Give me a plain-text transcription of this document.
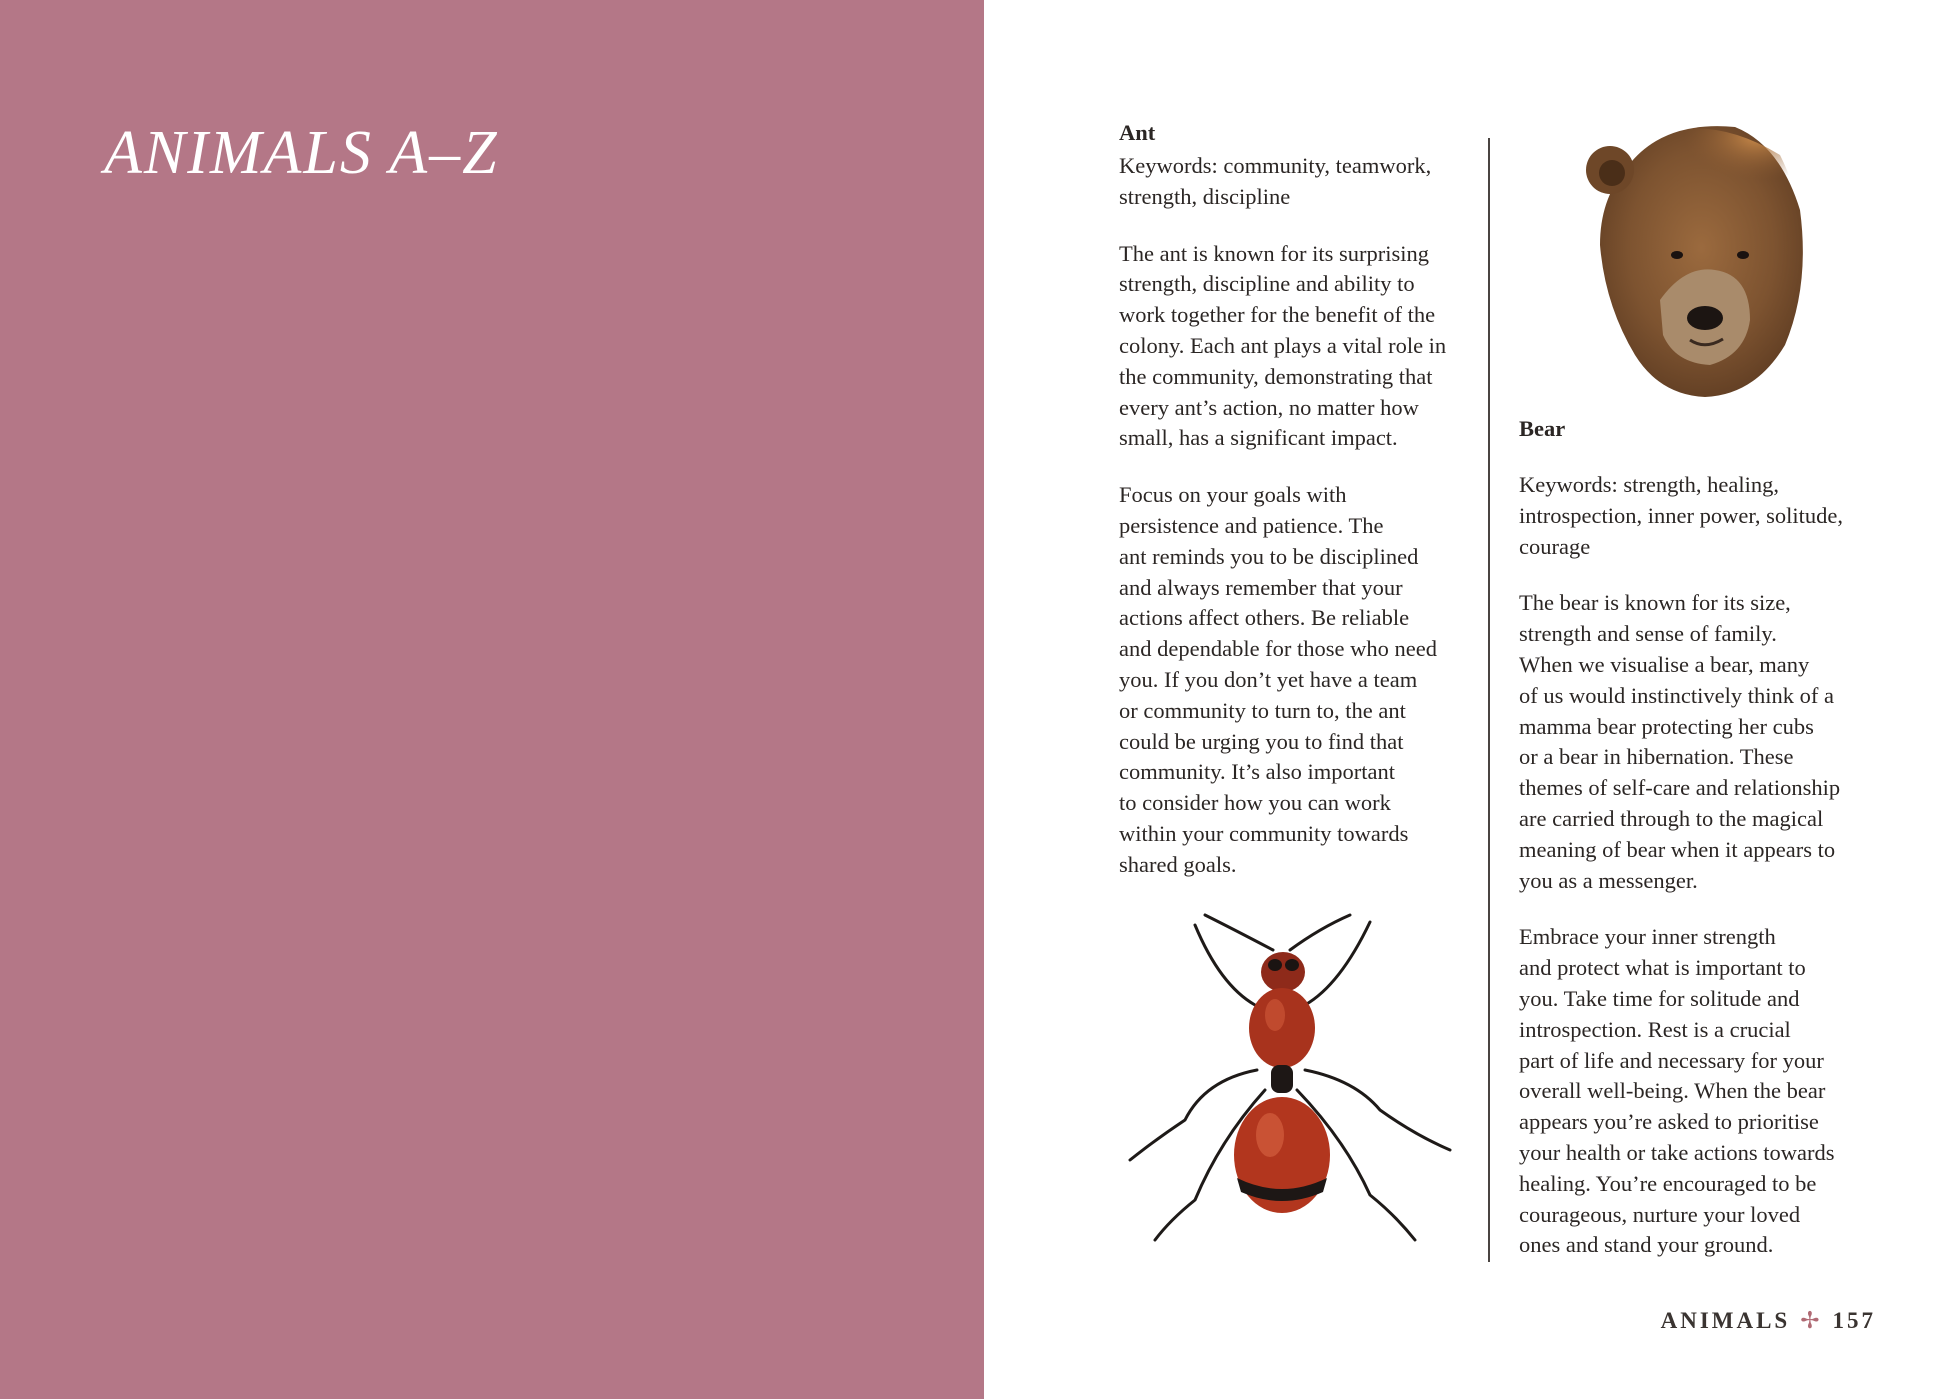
ANIMALS A–Z	Ant

Keywords: community, teamwork,
strength, discipline

The ant is known for its surprising
strength, discipline and ability to
work together for the benefit of the
colony. Each ant plays a vital role in
the community, demonstrating that
every ant’s action, no matter how
small, has a significant impact.

Focus on your goals with
persistence and patience. The
ant reminds you to be disciplined
and always remember that your
actions affect others. Be reliable
and dependable for those who need
you. If you don’t yet have a team
or community to turn to, the ant
could be urging you to find that
community. It’s also important
to consider how you can work
within your community towards
shared goals.

Bear

Keywords: strength, healing,
introspection, inner power, solitude,
courage

The bear is known for its size,
strength and sense of family.
When we visualise a bear, many
of us would instinctively think of a
mamma bear protecting her cubs
or a bear in hibernation. These
themes of self-care and relationship
are carried through to the magical
meaning of bear when it appears to
you as a messenger.

Embrace your inner strength
and protect what is important to
you. Take time for solitude and
introspection. Rest is a crucial
part of life and necessary for your
overall well-being. When the bear
appears you’re asked to prioritise
your health or take actions towards
healing. You’re encouraged to be
courageous, nurture your loved
ones and stand your ground.

ANIMALS ✢ 157
